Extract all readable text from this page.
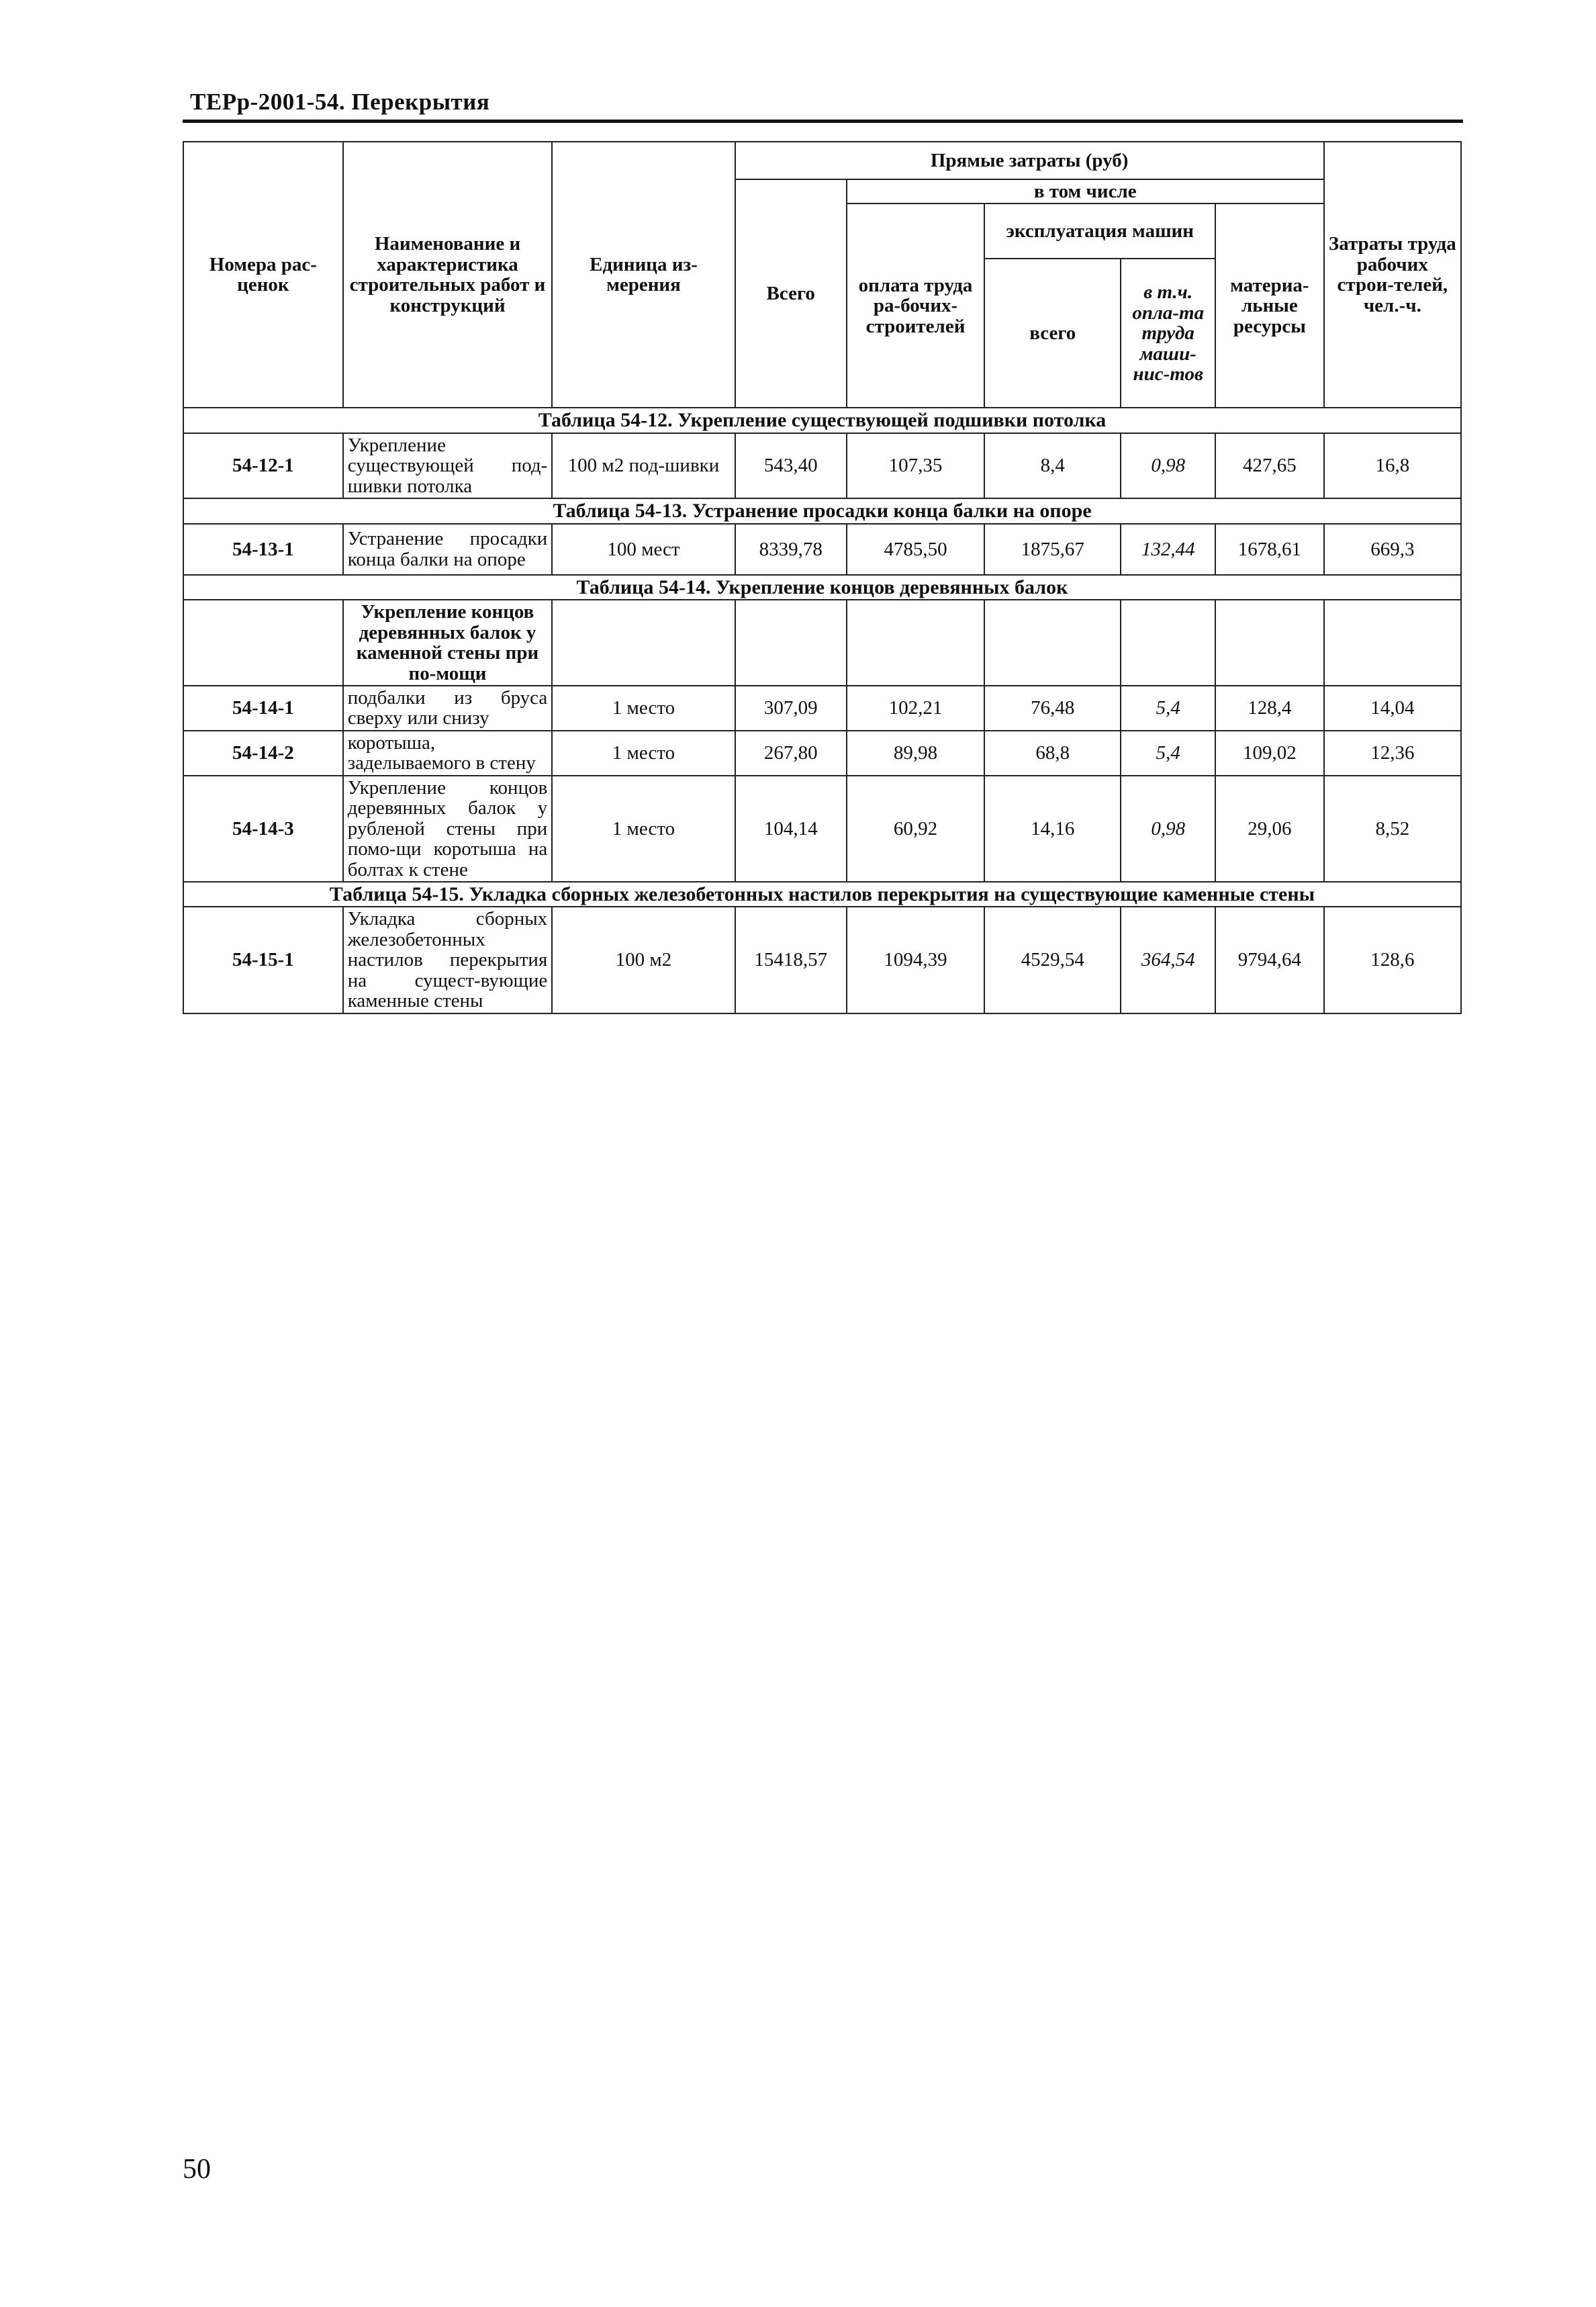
ТЕРр-2001-54. Перекрытия
Номера рас-ценок	Наименование и характеристика строительных работ и конструкций	Единица из-мерения	Прямые затраты (руб)					Затраты труда рабочих строи-телей, чел.-ч.
			Всего	в том числе				
				оплата труда ра-бочих-строителей	эксплуатация машин		материа-льные ресурсы	
					всего	в т.ч. опла-та труда маши-нис-тов		

Таблица 54-12. Укрепление существующей подшивки потолка								
54-12-1	Укрепление существующей под-шивки потолка	100 м2 под-шивки	543,40	107,35	8,4	0,98	427,65	16,8
Таблица 54-13. Устранение просадки конца балки на опоре								
54-13-1	Устранение просадки конца балки на опоре	100 мест	8339,78	4785,50	1875,67	132,44	1678,61	669,3
Таблица 54-14. Укрепление концов деревянных балок								
	Укрепление концов деревянных балок у каменной стены при по-мощи							
54-14-1	подбалки из бруса сверху или снизу	1 место	307,09	102,21	76,48	5,4	128,4	14,04
54-14-2	коротыша, заделываемого в стену	1 место	267,80	89,98	68,8	5,4	109,02	12,36
54-14-3	Укрепление концов деревянных балок у рубленой стены при помо-щи коротыша на болтах к стене	1 место	104,14	60,92	14,16	0,98	29,06	8,52
Таблица 54-15. Укладка сборных железобетонных настилов перекрытия на существующие каменные стены								
54-15-1	Укладка сборных железобетонных настилов перекрытия на сущест-вующие каменные стены	100 м2	15418,57	1094,39	4529,54	364,54	9794,64	128,6
50
